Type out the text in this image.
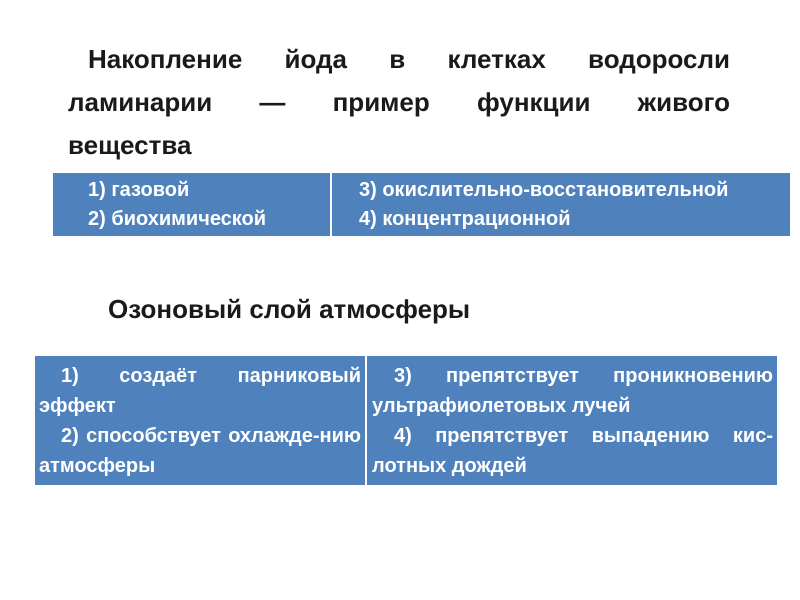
Накопление йода в клетках водоросли ламинарии — пример функции живого вещества

1) газовой

2) биохимической

3) окислительно-восстановительной

4) концентрационной

Озоновый слой атмосферы

1) создаёт парниковый эффект

2) способствует охлажде-нию атмосферы

3) препятствует проникновению ультрафиолетовых лучей

4) препятствует выпадению кис-лотных дождей
